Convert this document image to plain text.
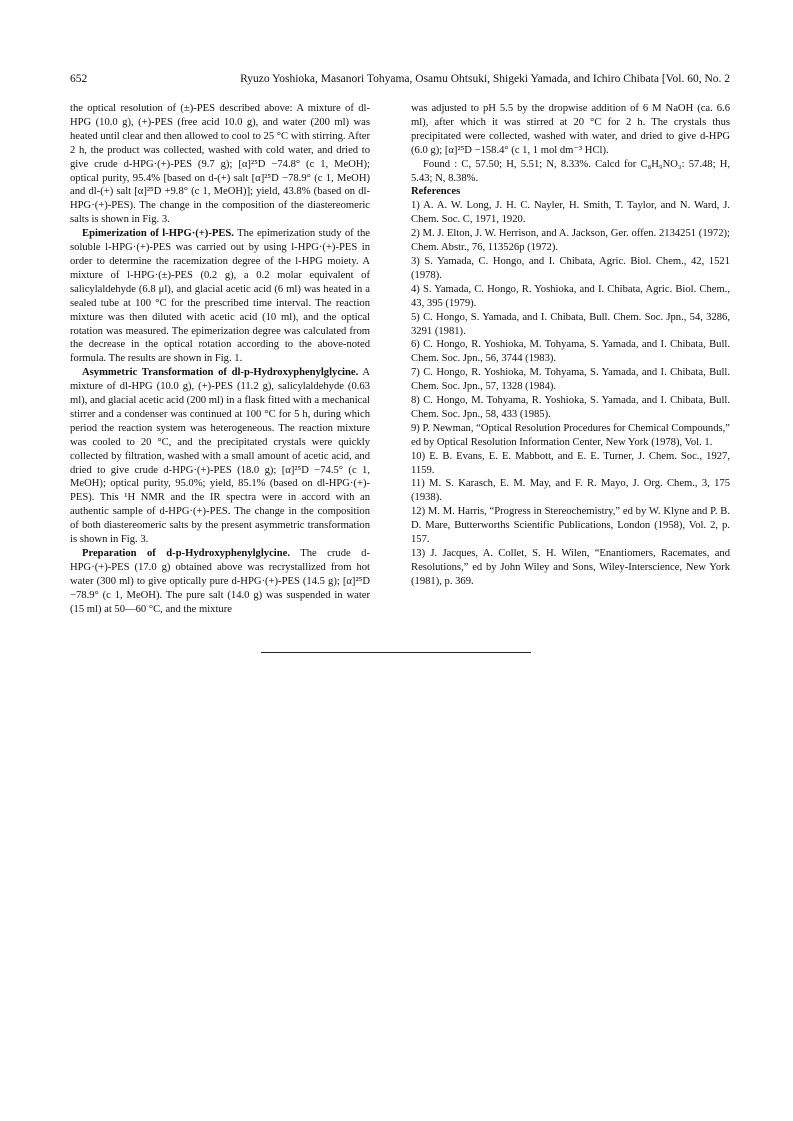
652	Ryuzo Yoshioka, Masanori Tohyama, Osamu Ohtsuki, Shigeki Yamada, and Ichiro Chibata [Vol. 60, No. 2

the optical resolution of (±)-PES described above: A mixture of dl-HPG (10.0 g), (+)-PES (free acid 10.0 g), and water (200 ml) was heated until clear and then allowed to cool to 25 °C with stirring. After 2 h, the product was collected, washed with cold water, and dried to give crude d-HPG·(+)-PES (9.7 g); [α]²⁵D −74.8° (c 1, MeOH); optical purity, 95.4% [based on d-(+) salt [α]²⁵D −78.9° (c 1, MeOH) and dl-(+) salt [α]²⁵D +9.8° (c 1, MeOH)]; yield, 43.8% (based on dl-HPG·(+)-PES). The change in the composition of the diastereomeric salts is shown in Fig. 3.

Epimerization of l-HPG·(+)-PES. The epimerization study of the soluble l-HPG·(+)-PES was carried out by using l-HPG·(+)-PES in order to determine the racemization degree of the l-HPG moiety. A mixture of l-HPG·(±)-PES (0.2 g), a 0.2 molar equivalent of salicylaldehyde (6.8 μl), and glacial acetic acid (6 ml) was heated in a sealed tube at 100 °C for the prescribed time interval. The reaction mixture was then diluted with acetic acid (10 ml), and the optical rotation was measured. The epimerization degree was calculated from the decrease in the optical rotation according to the above-noted formula. The results are shown in Fig. 1.

Asymmetric Transformation of dl-p-Hydroxyphenylglycine. A mixture of dl-HPG (10.0 g), (+)-PES (11.2 g), salicylaldehyde (0.63 ml), and glacial acetic acid (200 ml) in a flask fitted with a mechanical stirrer and a condenser was continued at 100 °C for 5 h, during which period the reaction system was heterogeneous. The reaction mixture was cooled to 20 °C, and the precipitated crystals were quickly collected by filtration, washed with a small amount of acetic acid, and dried to give crude d-HPG·(+)-PES (18.0 g); [α]²⁵D −74.5° (c 1, MeOH); optical purity, 95.0%; yield, 85.1% (based on dl-HPG·(+)-PES). This ¹H NMR and the IR spectra were in accord with an authentic sample of d-HPG·(+)-PES. The change in the composition of both diastereomeric salts by the present asymmetric transformation is shown in Fig. 3.

Preparation of d-p-Hydroxyphenylglycine. The crude d-HPG·(+)-PES (17.0 g) obtained above was recrystallized from hot water (300 ml) to give optically pure d-HPG·(+)-PES (14.5 g); [α]²⁵D −78.9° (c 1, MeOH). The pure salt (14.0 g) was suspended in water (15 ml) at 50—60 °C, and the mixture

was adjusted to pH 5.5 by the dropwise addition of 6 M NaOH (ca. 6.6 ml), after which it was stirred at 20 °C for 2 h. The crystals thus precipitated were collected, washed with water, and dried to give d-HPG (6.0 g); [α]²⁵D −158.4° (c 1, 1 mol dm⁻³ HCl).

Found : C, 57.50; H, 5.51; N, 8.33%. Calcd for C₈H₉NO₃: 57.48; H, 5.43; N, 8.38%.

References

1) A. A. W. Long, J. H. C. Nayler, H. Smith, T. Taylor, and N. Ward, J. Chem. Soc. C, 1971, 1920.

2) M. J. Elton, J. W. Herrison, and A. Jackson, Ger. offen. 2134251 (1972); Chem. Abstr., 76, 113526p (1972).

3) S. Yamada, C. Hongo, and I. Chibata, Agric. Biol. Chem., 42, 1521 (1978).

4) S. Yamada, C. Hongo, R. Yoshioka, and I. Chibata, Agric. Biol. Chem., 43, 395 (1979).

5) C. Hongo, S. Yamada, and I. Chibata, Bull. Chem. Soc. Jpn., 54, 3286, 3291 (1981).

6) C. Hongo, R. Yoshioka, M. Tohyama, S. Yamada, and I. Chibata, Bull. Chem. Soc. Jpn., 56, 3744 (1983).

7) C. Hongo, R. Yoshioka, M. Tohyama, S. Yamada, and I. Chibata, Bull. Chem. Soc. Jpn., 57, 1328 (1984).

8) C. Hongo, M. Tohyama, R. Yoshioka, S. Yamada, and I. Chibata, Bull. Chem. Soc. Jpn., 58, 433 (1985).

9) P. Newman, “Optical Resolution Procedures for Chemical Compounds,” ed by Optical Resolution Information Center, New York (1978), Vol. 1.

10) E. B. Evans, E. E. Mabbott, and E. E. Turner, J. Chem. Soc., 1927, 1159.

11) M. S. Karasch, E. M. May, and F. R. Mayo, J. Org. Chem., 3, 175 (1938).

12) M. M. Harris, “Progress in Stereochemistry,” ed by W. Klyne and P. B. D. Mare, Butterworths Scientific Publications, London (1958), Vol. 2, p. 157.

13) J. Jacques, A. Collet, S. H. Wilen, “Enantiomers, Racemates, and Resolutions,” ed by John Wiley and Sons, Wiley-Interscience, New York (1981), p. 369.
